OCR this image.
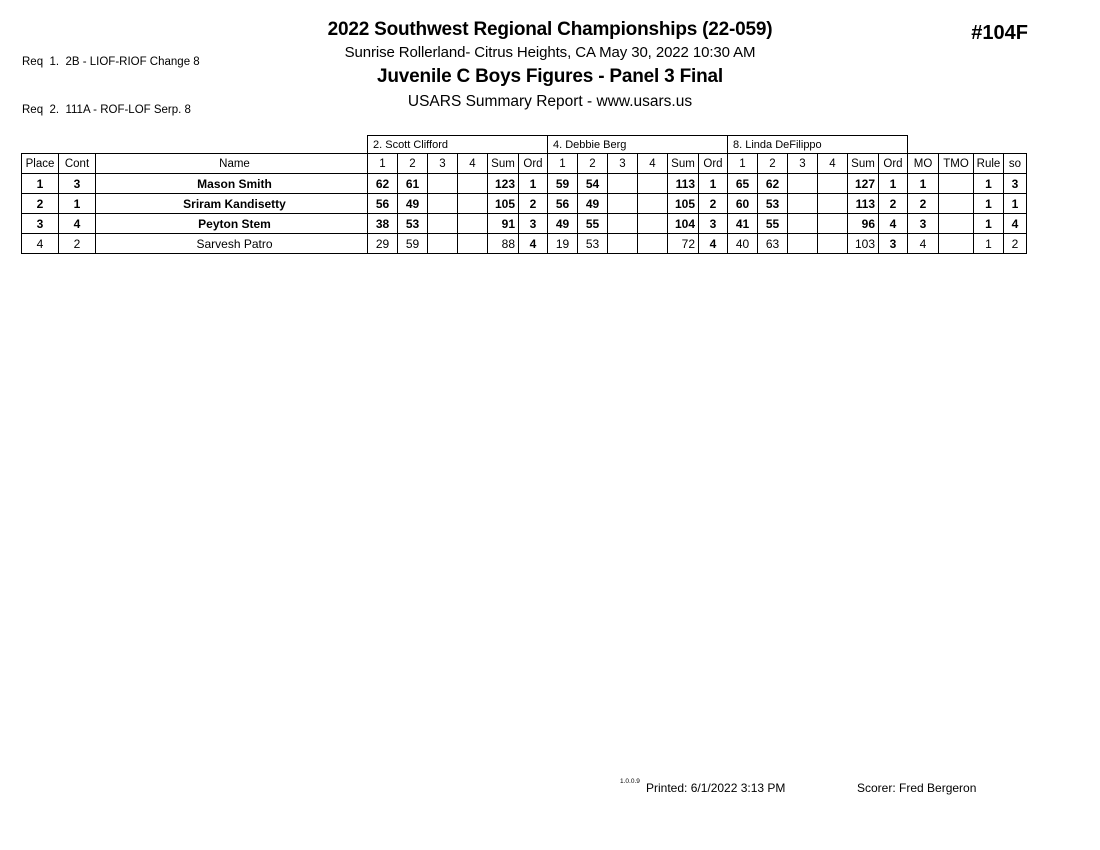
Req  1.  2B - LIOF-RIOF Change 8

Req  2.  111A - ROF-LOF Serp. 8

2022 Southwest Regional Championships (22-059)
Sunrise Rollerland- Citrus Heights, CA May 30, 2022 10:30 AM
Juvenile C Boys Figures - Panel 3 Final
USARS Summary Report - www.usars.us
#104F
			2. Scott Clifford						4. Debbie Berg						8. Linda DeFilippo									
Place	Cont	Name	1	2	3	4	Sum	Ord	1	2	3	4	Sum	Ord	1	2	3	4	Sum	Ord	MO	TMO	Rule	so
1	3	Mason Smith	62	61			123	1	59	54			113	1	65	62			127	1	1		1	3
2	1	Sriram Kandisetty	56	49			105	2	56	49			105	2	60	53			113	2	2		1	1
3	4	Peyton Stem	38	53			91	3	49	55			104	3	41	55			96	4	3		1	4
4	2	Sarvesh Patro	29	59			88	4	19	53			72	4	40	63			103	3	4		1	2
1.0.0.9 Printed: 6/1/2022 3:13 PM	Scorer: Fred Bergeron
